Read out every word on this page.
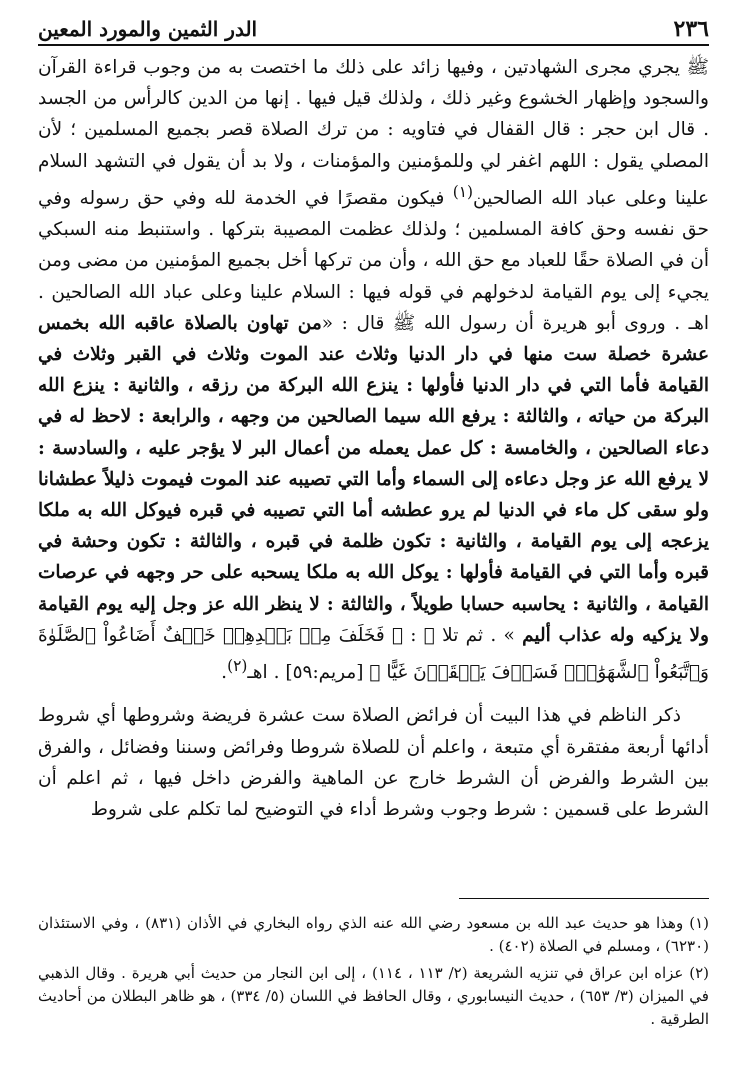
٢٣٦
الدر الثمين والمورد المعين

ﷺ يجري مجرى الشهادتين ، وفيها زائد على ذلك ما اختصت به من وجوب قراءة القرآن والسجود وإظهار الخشوع وغير ذلك ، ولذلك قيل فيها . إنها من الدين كالرأس من الجسد . قال ابن حجر : قال القفال في فتاويه : من ترك الصلاة قصر بجميع المسلمين ؛ لأن المصلي يقول : اللهم اغفر لي وللمؤمنين والمؤمنات ، ولا بد أن يقول في التشهد السلام علينا وعلى عباد الله الصالحين$^{(١)}$ فيكون مقصرًا في الخدمة لله وفي حق رسوله وفي حق نفسه وحق كافة المسلمين ؛ ولذلك عظمت المصيبة بتركها . واستنبط منه السبكي أن في الصلاة حقًا للعباد مع حق الله ، وأن من تركها أخل بجميع المؤمنين من مضى ومن يجيء إلى يوم القيامة لدخولهم في قوله فيها : السلام علينا وعلى عباد الله الصالحين . اهـ . وروى أبو هريرة أن رسول الله ﷺ قال : «من تهاون بالصلاة عاقبه الله بخمس عشرة خصلة ست منها في دار الدنيا وثلاث عند الموت وثلاث في القبر وثلاث في القيامة فأما التي في دار الدنيا فأولها : ينزع الله البركة من رزقه ، والثانية : ينزع الله البركة من حياته ، والثالثة : يرفع الله سيما الصالحين من وجهه ، والرابعة : لاحظ له في دعاء الصالحين ، والخامسة : كل عمل يعمله من أعمال البر لا يؤجر عليه ، والسادسة : لا يرفع الله عز وجل دعاءه إلى السماء وأما التي تصيبه عند الموت فيموت ذليلاً عطشانا ولو سقى كل ماء في الدنيا لم يرو عطشه أما التي تصيبه في قبره فيوكل الله به ملكا يزعجه إلى يوم القيامة ، والثانية : تكون ظلمة في قبره ، والثالثة : تكون وحشة في قبره وأما التي في القيامة فأولها : يوكل الله به ملكا يسحبه على حر وجهه في عرصات القيامة ، والثانية : يحاسبه حسابا طويلاً ، والثالثة : لا ينظر الله عز وجل إليه يوم القيامة ولا يزكيه وله عذاب أليم » . ثم تلا ﷺ : ﴿ فَخَلَفَ مِنۢ بَعۡدِهِمۡ خَلۡفٌ أَضَاعُواْ ٱلصَّلَوٰةَ وَٱتَّبَعُواْ ٱلشَّهَوَٰتِۖ فَسَوۡفَ يَلۡقَوۡنَ غَيًّا ﴾ [مريم:٥٩] . اهـ$^{(٢)}$.

ذكر الناظم في هذا البيت أن فرائض الصلاة ست عشرة فريضة وشروطها أي شروط أدائها أربعة مفتقرة أي متبعة ، واعلم أن للصلاة شروطا وفرائض وسننا وفضائل ، والفرق بين الشرط والفرض أن الشرط خارج عن الماهية والفرض داخل فيها ، ثم اعلم أن الشرط على قسمين : شرط وجوب وشرط أداء في التوضيح لما تكلم على شروط

(١) وهذا هو حديث عبد الله بن مسعود رضي الله عنه الذي رواه البخاري في الأذان (٨٣١) ، وفي الاستئذان (٦٢٣٠) ، ومسلم في الصلاة (٤٠٢) .

(٢) عزاه ابن عراق في تنزيه الشريعة (٢/ ١١٣ ، ١١٤) ، إلى ابن النجار من حديث أبي هريرة . وقال الذهبي في الميزان (٣/ ٦٥٣) ، حديث النيسابوري ، وقال الحافظ في اللسان (٥/ ٣٣٤) ، هو ظاهر البطلان من أحاديث الطرقية .
